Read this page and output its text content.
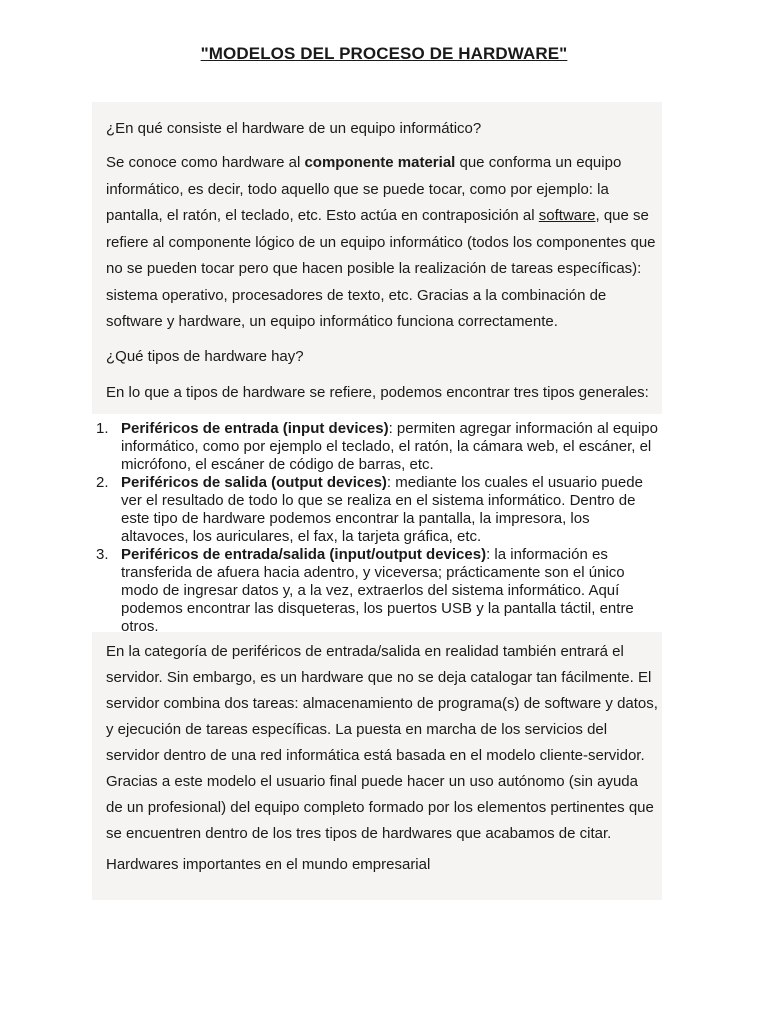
"MODELOS DEL PROCESO DE HARDWARE"

¿En qué consiste el hardware de un equipo informático?

Se conoce como hardware al componente material que conforma un equipo
informático, es decir, todo aquello que se puede tocar, como por ejemplo: la
pantalla, el ratón, el teclado, etc. Esto actúa en contraposición al software, que se
refiere al componente lógico de un equipo informático (todos los componentes que
no se pueden tocar pero que hacen posible la realización de tareas específicas):
sistema operativo, procesadores de texto, etc. Gracias a la combinación de
software y hardware, un equipo informático funciona correctamente.

¿Qué tipos de hardware hay?

En lo que a tipos de hardware se refiere, podemos encontrar tres tipos generales:

1. Periféricos de entrada (input devices): permiten agregar información al equipo
informático, como por ejemplo el teclado, el ratón, la cámara web, el escáner, el
micrófono, el escáner de código de barras, etc.
2. Periféricos de salida (output devices): mediante los cuales el usuario puede
ver el resultado de todo lo que se realiza en el sistema informático. Dentro de
este tipo de hardware podemos encontrar la pantalla, la impresora, los
altavoces, los auriculares, el fax, la tarjeta gráfica, etc.
3. Periféricos de entrada/salida (input/output devices): la información es
transferida de afuera hacia adentro, y viceversa; prácticamente son el único
modo de ingresar datos y, a la vez, extraerlos del sistema informático. Aquí
podemos encontrar las disqueteras, los puertos USB y la pantalla táctil, entre
otros.

En la categoría de periféricos de entrada/salida en realidad también entrará el
servidor. Sin embargo, es un hardware que no se deja catalogar tan fácilmente. El
servidor combina dos tareas: almacenamiento de programa(s) de software y datos,
y ejecución de tareas específicas. La puesta en marcha de los servicios del
servidor dentro de una red informática está basada en el modelo cliente-servidor.
Gracias a este modelo el usuario final puede hacer un uso autónomo (sin ayuda
de un profesional) del equipo completo formado por los elementos pertinentes que
se encuentren dentro de los tres tipos de hardwares que acabamos de citar.

Hardwares importantes en el mundo empresarial
